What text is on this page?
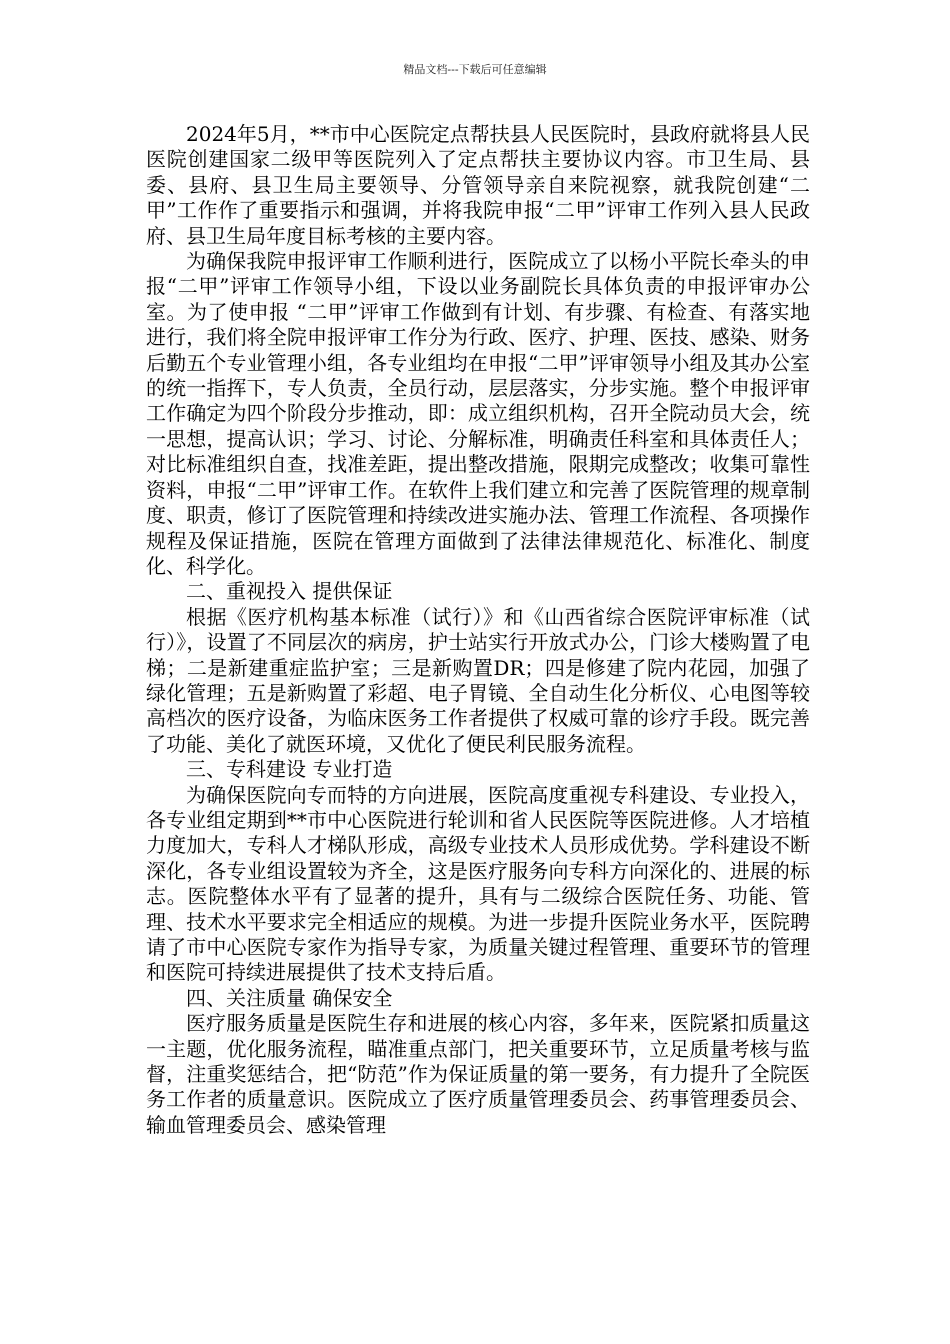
精品文档---下载后可任意编辑

2024年5月，**市中心医院定点帮扶县人民医院时，县政府就将县人民医院创建国家二级甲等医院列入了定点帮扶主要协议内容。市卫生局、县委、县府、县卫生局主要领导、分管领导亲自来院视察，就我院创建“二甲”工作作了重要指示和强调，并将我院申报“二甲”评审工作列入县人民政府、县卫生局年度目标考核的主要内容。

为确保我院申报评审工作顺利进行，医院成立了以杨小平院长牵头的申报“二甲”评审工作领导小组，下设以业务副院长具体负责的申报评审办公室。为了使申报 “二甲”评审工作做到有计划、有步骤、有检查、有落实地进行，我们将全院申报评审工作分为行政、医疗、护理、医技、感染、财务后勤五个专业管理小组，各专业组均在申报“二甲”评审领导小组及其办公室的统一指挥下，专人负责，全员行动，层层落实，分步实施。整个申报评审工作确定为四个阶段分步推动，即：成立组织机构，召开全院动员大会，统一思想，提高认识；学习、讨论、分解标准，明确责任科室和具体责任人；对比标准组织自查，找准差距，提出整改措施，限期完成整改；收集可靠性资料，申报“二甲”评审工作。在软件上我们建立和完善了医院管理的规章制度、职责，修订了医院管理和持续改进实施办法、管理工作流程、各项操作规程及保证措施，医院在管理方面做到了法律法律规范化、标准化、制度化、科学化。

二、重视投入 提供保证

根据《医疗机构基本标准（试行）》和《山西省综合医院评审标准（试行）》，设置了不同层次的病房，护士站实行开放式办公，门诊大楼购置了电梯；二是新建重症监护室；三是新购置DR；四是修建了院内花园，加强了绿化管理；五是新购置了彩超、电子胃镜、全自动生化分析仪、心电图等较高档次的医疗设备，为临床医务工作者提供了权威可靠的诊疗手段。既完善了功能、美化了就医环境，又优化了便民利民服务流程。

三、专科建设 专业打造

为确保医院向专而特的方向进展，医院高度重视专科建设、专业投入，各专业组定期到**市中心医院进行轮训和省人民医院等医院进修。人才培植力度加大，专科人才梯队形成，高级专业技术人员形成优势。学科建设不断深化，各专业组设置较为齐全，这是医疗服务向专科方向深化的、进展的标志。医院整体水平有了显著的提升，具有与二级综合医院任务、功能、管理、技术水平要求完全相适应的规模。为进一步提升医院业务水平，医院聘请了市中心医院专家作为指导专家，为质量关键过程管理、重要环节的管理和医院可持续进展提供了技术支持后盾。

四、关注质量 确保安全

医疗服务质量是医院生存和进展的核心内容，多年来，医院紧扣质量这一主题，优化服务流程，瞄准重点部门，把关重要环节，立足质量考核与监督，注重奖惩结合，把“防范”作为保证质量的第一要务，有力提升了全院医务工作者的质量意识。医院成立了医疗质量管理委员会、药事管理委员会、输血管理委员会、感染管理
